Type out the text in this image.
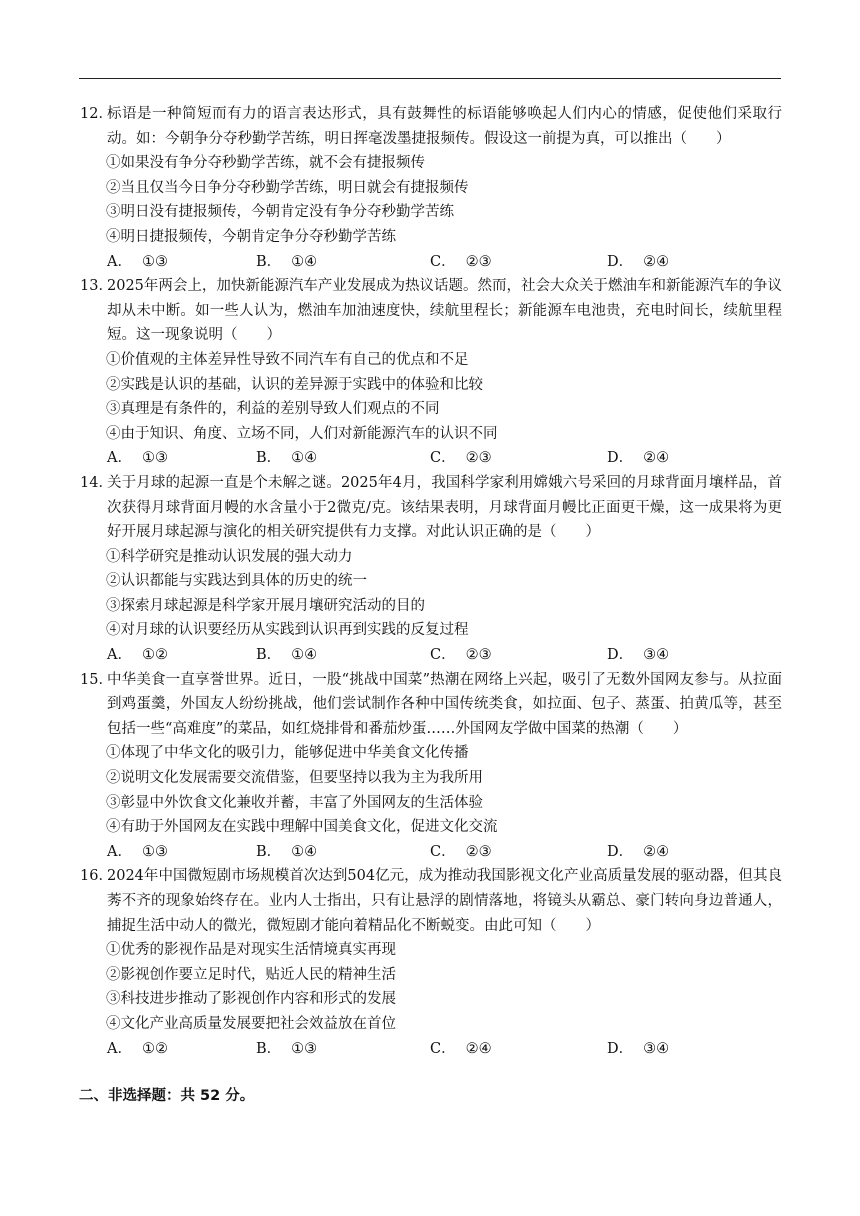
12．
标语是一种简短而有力的语言表达形式，具有鼓舞性的标语能够唤起人们内心的情感，促使他们采取行动。如：今朝争分夺秒勤学苦练，明日挥毫泼墨捷报频传。假设这一前提为真，可以推出（　　）
①如果没有争分夺秒勤学苦练，就不会有捷报频传
②当且仅当今日争分夺秒勤学苦练，明日就会有捷报频传
③明日没有捷报频传，今朝肯定没有争分夺秒勤学苦练
④明日捷报频传，今朝肯定争分夺秒勤学苦练
A． ①③	B． ①④	C． ②③	D． ②④
13．
2025年两会上，加快新能源汽车产业发展成为热议话题。然而，社会大众关于燃油车和新能源汽车的争议却从未中断。如一些人认为，燃油车加油速度快，续航里程长；新能源车电池贵，充电时间长，续航里程短。这一现象说明（　　）
①价值观的主体差异性导致不同汽车有自己的优点和不足
②实践是认识的基础，认识的差异源于实践中的体验和比较
③真理是有条件的，利益的差别导致人们观点的不同
④由于知识、角度、立场不同，人们对新能源汽车的认识不同
A． ①③	B． ①④	C． ②③	D． ②④
14．
关于月球的起源一直是个未解之谜。2025年4月，我国科学家利用嫦娥六号采回的月球背面月壤样品，首次获得月球背面月幔的水含量小于2微克/克。该结果表明，月球背面月幔比正面更干燥，这一成果将为更好开展月球起源与演化的相关研究提供有力支撑。对此认识正确的是（　　）
①科学研究是推动认识发展的强大动力
②认识都能与实践达到具体的历史的统一
③探索月球起源是科学家开展月壤研究活动的目的
④对月球的认识要经历从实践到认识再到实践的反复过程
A． ①②	B． ①④	C． ②③	D． ③④
15．
中华美食一直享誉世界。近日，一股“挑战中国菜”热潮在网络上兴起，吸引了无数外国网友参与。从拉面到鸡蛋羹，外国友人纷纷挑战，他们尝试制作各种中国传统类食，如拉面、包子、蒸蛋、拍黄瓜等，甚至包括一些“高难度”的菜品，如红烧排骨和番茄炒蛋……外国网友学做中国菜的热潮（　　）
①体现了中华文化的吸引力，能够促进中华美食文化传播
②说明文化发展需要交流借鉴，但要坚持以我为主为我所用
③彰显中外饮食文化兼收并蓄，丰富了外国网友的生活体验
④有助于外国网友在实践中理解中国美食文化，促进文化交流
A． ①③	B． ①④	C． ②③	D． ②④
16．
2024年中国微短剧市场规模首次达到504亿元，成为推动我国影视文化产业高质量发展的驱动器，但其良莠不齐的现象始终存在。业内人士指出，只有让悬浮的剧情落地，将镜头从霸总、豪门转向身边普通人，捕捉生活中动人的微光，微短剧才能向着精品化不断蜕变。由此可知（　　）
①优秀的影视作品是对现实生活情境真实再现
②影视创作要立足时代，贴近人民的精神生活
③科技进步推动了影视创作内容和形式的发展
④文化产业高质量发展要把社会效益放在首位
A． ①②	B． ①③	C． ②④	D． ③④
二、非选择题：共 52 分。
